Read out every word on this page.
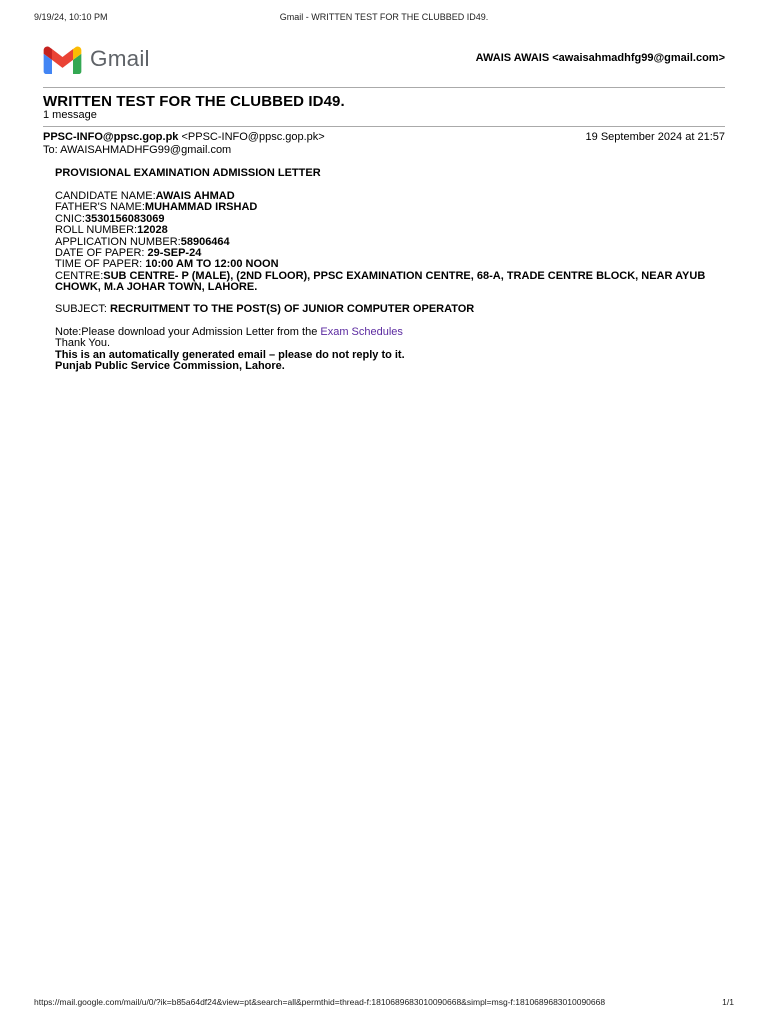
9/19/24, 10:10 PM	Gmail - WRITTEN TEST FOR THE CLUBBED ID49.
Gmail	AWAIS AWAIS <awaisahmadhfg99@gmail.com>
WRITTEN TEST FOR THE CLUBBED ID49.
1 message
PPSC-INFO@ppsc.gop.pk <PPSC-INFO@ppsc.gop.pk>	19 September 2024 at 21:57
To: AWAISAHMADHFG99@gmail.com
PROVISIONAL EXAMINATION ADMISSION LETTER
CANDIDATE NAME:AWAIS AHMAD
FATHER'S NAME:MUHAMMAD IRSHAD
CNIC:3530156083069
ROLL NUMBER:12028
APPLICATION NUMBER:58906464
DATE OF PAPER: 29-SEP-24
TIME OF PAPER: 10:00 AM TO 12:00 NOON
CENTRE:SUB CENTRE- P (MALE), (2ND FLOOR), PPSC EXAMINATION CENTRE, 68-A, TRADE CENTRE BLOCK, NEAR AYUB CHOWK, M.A JOHAR TOWN, LAHORE.
SUBJECT: RECRUITMENT TO THE POST(S) OF JUNIOR COMPUTER OPERATOR
Note:Please download your Admission Letter from the Exam Schedules
Thank You.
This is an automatically generated email – please do not reply to it.
Punjab Public Service Commission, Lahore.
https://mail.google.com/mail/u/0/?ik=b85a64df24&view=pt&search=all&permthid=thread-f:1810689683010090668&simpl=msg-f:1810689683010090668	1/1
